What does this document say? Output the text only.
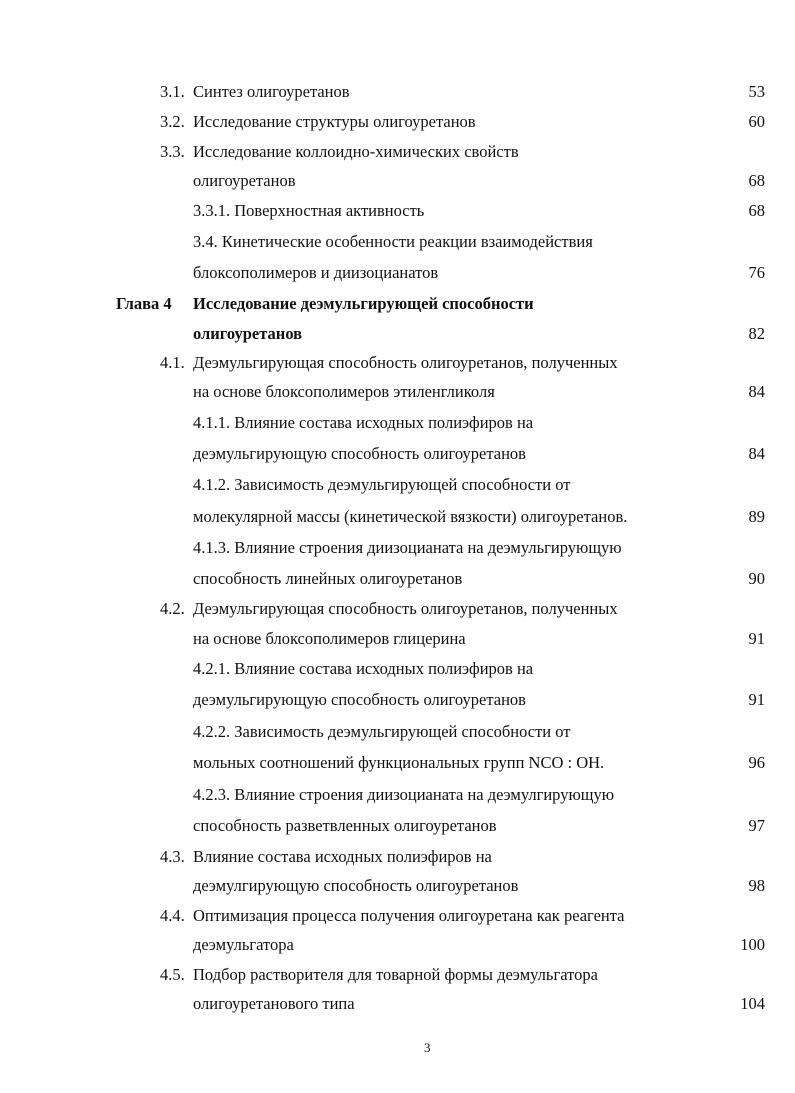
3.1. Синтез олигоуретанов	53
3.2. Исследование структуры олигоуретанов	60
3.3. Исследование коллоидно-химических свойств
олигоуретанов	68
3.3.1. Поверхностная активность	68
3.4. Кинетические особенности реакции взаимодействия
блоксополимеров и диизоцианатов	76
Глава 4 Исследование деэмульгирующей способности
олигоуретанов	82
4.1. Деэмульгирующая способность олигоуретанов, полученных
на основе блоксополимеров этиленгликоля	84
4.1.1. Влияние состава исходных полиэфиров на
деэмульгирующую способность олигоуретанов	84
4.1.2. Зависимость деэмульгирующей способности от
молекулярной массы (кинетической вязкости) олигоуретанов.	89
4.1.3. Влияние строения диизоцианата на деэмульгирующую
способность линейных олигоуретанов	90
4.2. Деэмульгирующая способность олигоуретанов, полученных
на основе блоксополимеров глицерина	91
4.2.1. Влияние состава исходных полиэфиров на
деэмульгирующую способность олигоуретанов	91
4.2.2. Зависимость деэмульгирующей способности от
мольных соотношений функциональных групп NCO : OH.	96
4.2.3. Влияние строения диизоцианата на деэмулгирующую
способность разветвленных олигоуретанов	97
4.3. Влияние состава исходных полиэфиров на
деэмулгирующую способность олигоуретанов	98
4.4. Оптимизация процесса получения олигоуретана как реагента
деэмульгатора	100
4.5. Подбор растворителя для товарной формы деэмульгатора
олигоуретанового типа	104
3
